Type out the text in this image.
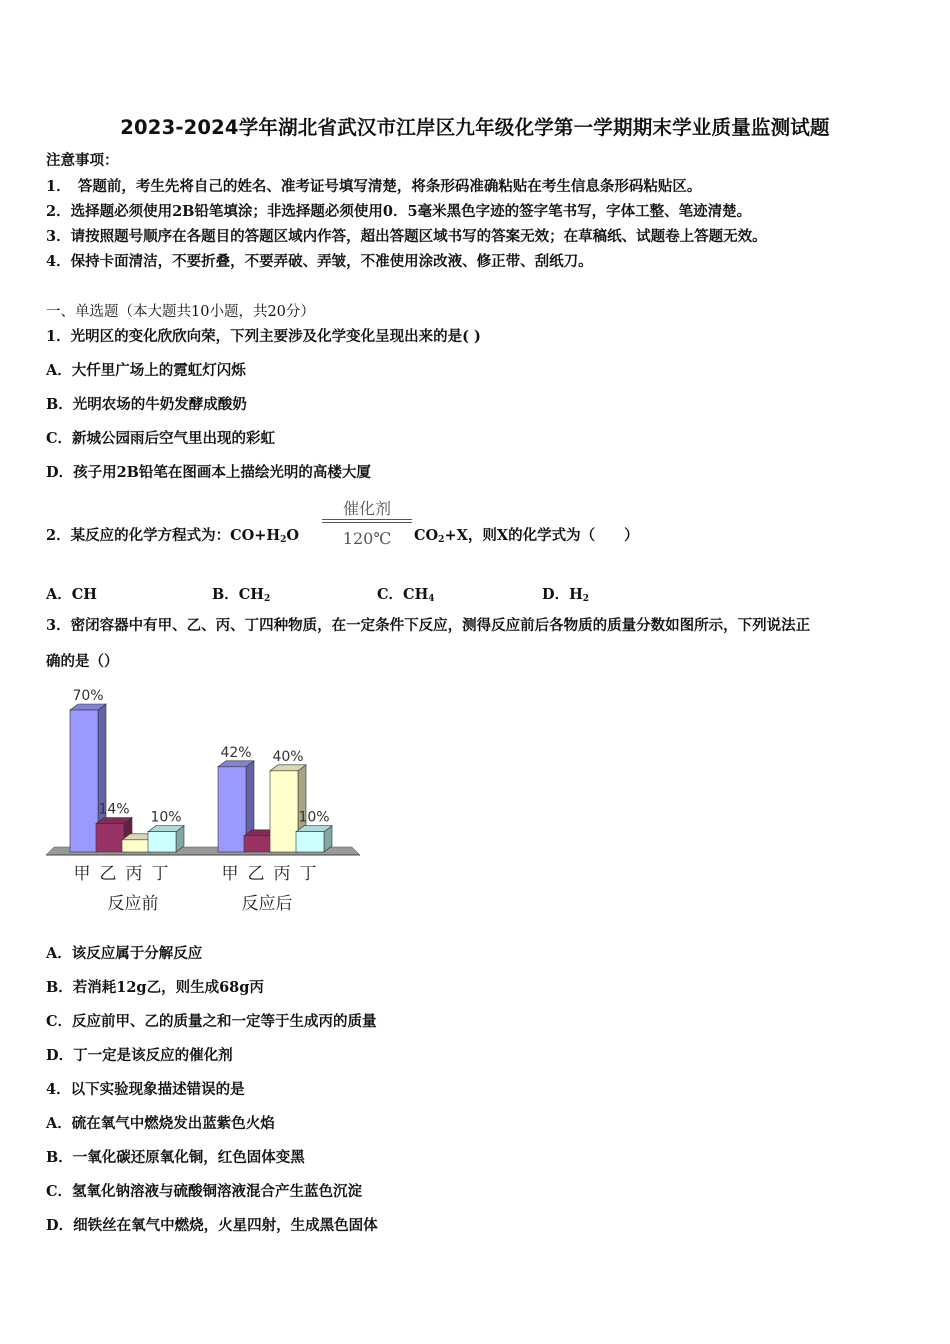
2023-2024学年湖北省武汉市江岸区九年级化学第一学期期末学业质量监测试题
注意事项：
1．　答题前，考生先将自己的姓名、准考证号填写清楚，将条形码准确粘贴在考生信息条形码粘贴区。
2．选择题必须使用2B铅笔填涂；非选择题必须使用0．5毫米黑色字迹的签字笔书写，字体工整、笔迹清楚。
3．请按照题号顺序在各题目的答题区域内作答，超出答题区域书写的答案无效；在草稿纸、试题卷上答题无效。
4．保持卡面清洁，不要折叠，不要弄破、弄皱，不准使用涂改液、修正带、刮纸刀。
一、单选题（本大题共10小题，共20分）
1．光明区的变化欣欣向荣，下列主要涉及化学变化呈现出来的是( )
A．大仟里广场上的霓虹灯闪烁
B．光明农场的牛奶发酵成酸奶
C．新城公园雨后空气里出现的彩虹
D．孩子用2B铅笔在图画本上描绘光明的高楼大厦
2．某反应的化学方程式为：$CO+H_2O$
催化剂
120℃	$CO_2+X$，则X的化学式为（　　）
A．CH	B．$CH_2$	C．$CH_4$	D．$H_2$
3．密闭容器中有甲、乙、丙、丁四种物质，在一定条件下反应，测得反应前后各物质的质量分数如图所示，下列说法正
确的是（）
70%
14%
10%
甲 乙 丙 丁
反应前
42% 40%
10%
甲 乙 丙 丁
反应后
A．该反应属于分解反应
B．若消耗12g乙，则生成68g丙
C．反应前甲、乙的质量之和一定等于生成丙的质量
D．丁一定是该反应的催化剂
4．以下实验现象描述错误的是
A．硫在氧气中燃烧发出蓝紫色火焰
B．一氧化碳还原氧化铜，红色固体变黑
C．氢氧化钠溶液与硫酸铜溶液混合产生蓝色沉淀
D．细铁丝在氧气中燃烧，火星四射，生成黑色固体
